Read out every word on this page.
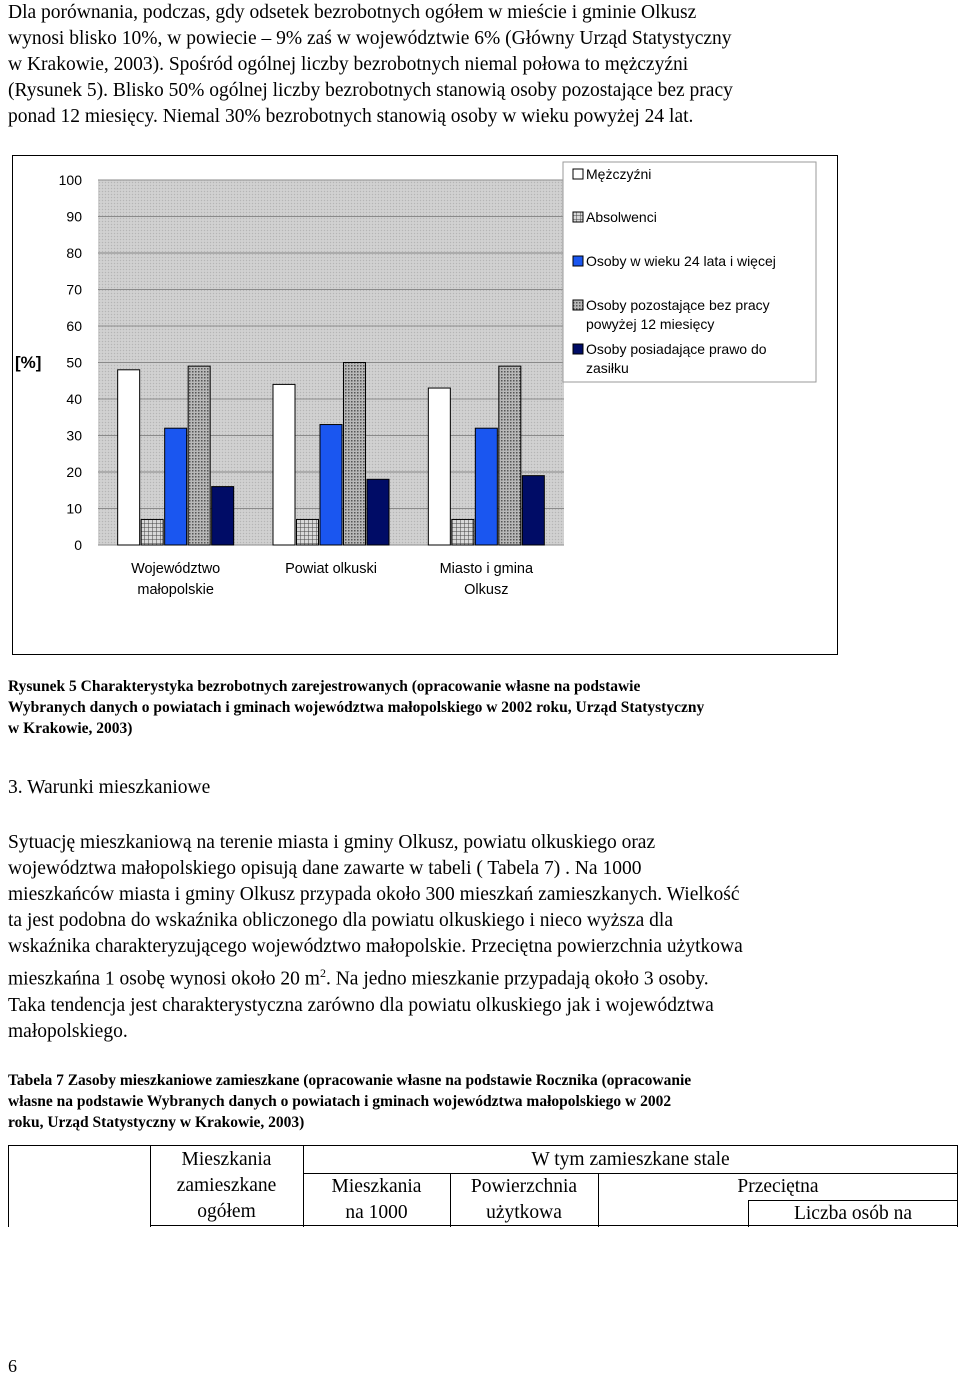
Dla porównania, podczas, gdy odsetek bezrobotnych ogółem w mieście i gminie Olkusz
wynosi blisko 10%, w powiecie – 9% zaś w województwie 6% (Główny Urząd Statystyczny
w Krakowie, 2003). Spośród ogólnej liczby bezrobotnych niemal połowa to mężczyźni
(Rysunek 5). Blisko 50% ogólnej liczby bezrobotnych stanowią osoby pozostające bez pracy
ponad 12 miesięcy. Niemal 30% bezrobotnych stanowią osoby w wieku powyżej 24 lat.
0
10
20
30
40
50
60
70
80
90
100
[%]
Województwo
małopolskie
Powiat olkuski	Miasto i gmina
Olkusz
Mężczyźni
Absolwenci
Osoby w wieku 24 lata i więcej
Osoby pozostające bez pracy
powyżej 12 miesięcy
Osoby posiadające prawo do
zasiłku
Rysunek 5 Charakterystyka bezrobotnych zarejestrowanych (opracowanie własne na podstawie
Wybranych danych o powiatach i gminach województwa małopolskiego w 2002 roku, Urząd Statystyczny
w Krakowie, 2003)
3. Warunki mieszkaniowe
Sytuację mieszkaniową na terenie miasta i gminy Olkusz, powiatu olkuskiego oraz
województwa małopolskiego opisują dane zawarte w tabeli ( Tabela 7) . Na 1000
mieszkańców miasta i gminy Olkusz przypada około 300 mieszkań zamieszkanych. Wielkość
ta jest podobna do wskaźnika obliczonego dla powiatu olkuskiego i nieco wyższa dla
wskaźnika charakteryzującego województwo małopolskie. Przeciętna powierzchnia użytkowa
mieszkańna 1 osobę wynosi około 20 $m^2$. Na jedno mieszkanie przypadają około 3 osoby.
Taka tendencja jest charakterystyczna zarówno dla powiatu olkuskiego jak i województwa
małopolskiego.
Tabela 7 Zasoby mieszkaniowe zamieszkane (opracowanie własne na podstawie Rocznika (opracowanie
własne na podstawie Wybranych danych o powiatach i gminach województwa małopolskiego w 2002
roku, Urząd Statystyczny w Krakowie, 2003)
Mieszkania
zamieszkane
ogółem
W tym zamieszkane stale
Mieszkania
na 1000
Powierzchnia
użytkowa
Przeciętna
Liczba osób na
6
